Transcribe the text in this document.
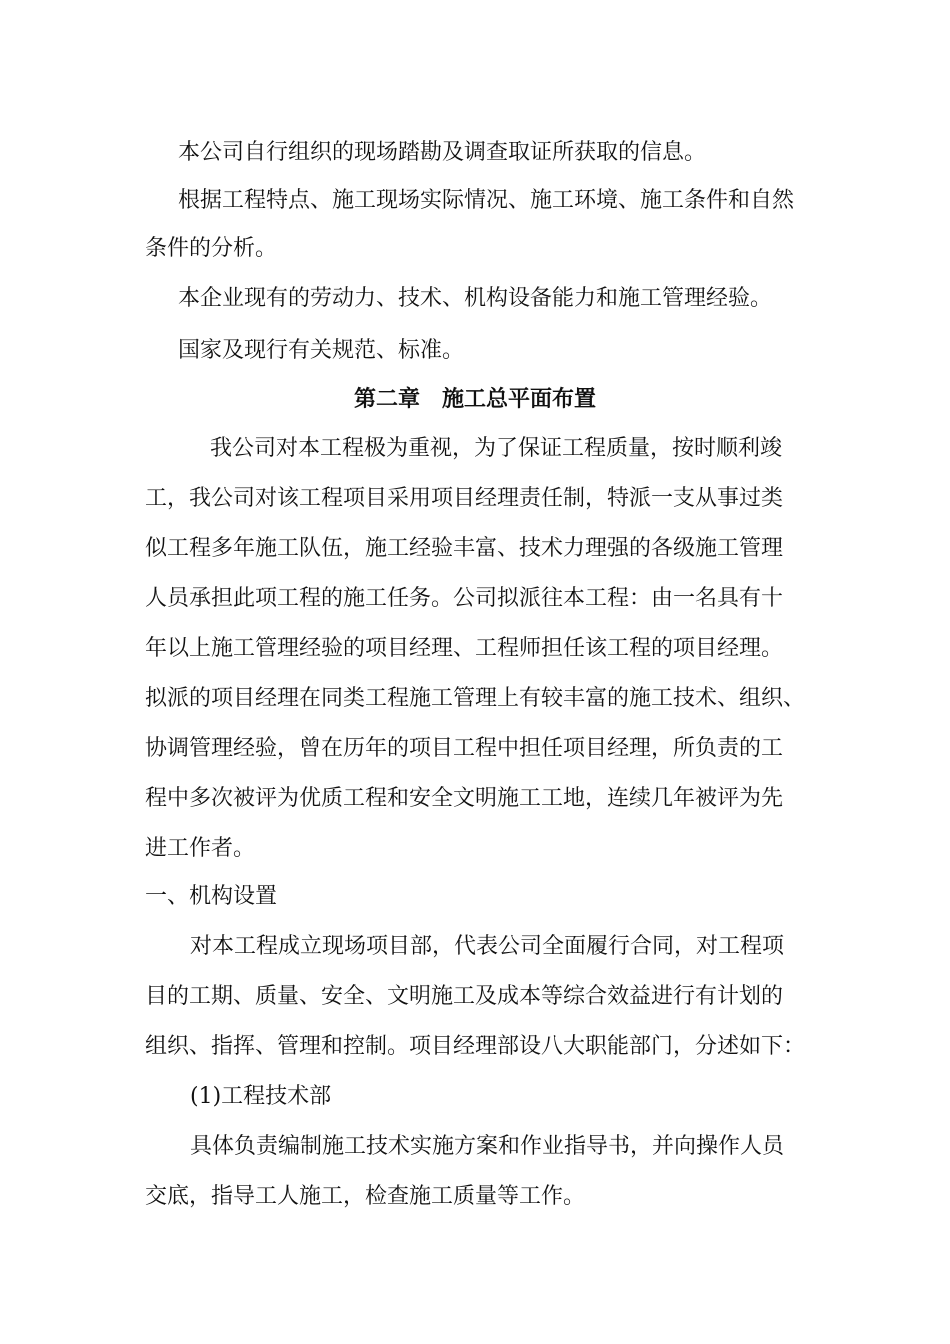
本公司自行组织的现场踏勘及调查取证所获取的信息。
根据工程特点、施工现场实际情况、施工环境、施工条件和自然
条件的分析。
本企业现有的劳动力、技术、机构设备能力和施工管理经验。
国家及现行有关规范、标准。
第二章　施工总平面布置
我公司对本工程极为重视，为了保证工程质量，按时顺利竣
工，我公司对该工程项目采用项目经理责任制，特派一支从事过类
似工程多年施工队伍，施工经验丰富、技术力理强的各级施工管理
人员承担此项工程的施工任务。公司拟派往本工程：由一名具有十
年以上施工管理经验的项目经理、工程师担任该工程的项目经理。
拟派的项目经理在同类工程施工管理上有较丰富的施工技术、组织、
协调管理经验，曾在历年的项目工程中担任项目经理，所负责的工
程中多次被评为优质工程和安全文明施工工地，连续几年被评为先
进工作者。
一、机构设置
对本工程成立现场项目部，代表公司全面履行合同，对工程项
目的工期、质量、安全、文明施工及成本等综合效益进行有计划的
组织、指挥、管理和控制。项目经理部设八大职能部门，分述如下：
(1)工程技术部
具体负责编制施工技术实施方案和作业指导书，并向操作人员
交底，指导工人施工，检查施工质量等工作。
